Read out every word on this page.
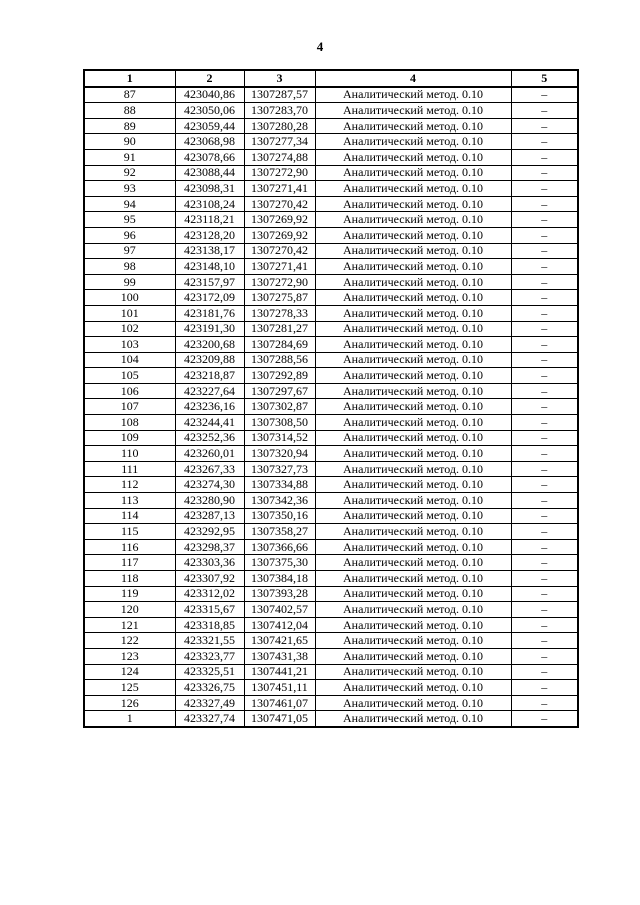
4
1	2	3	4	5
87	423040,86	1307287,57	Аналитический метод. 0.10	–
88	423050,06	1307283,70	Аналитический метод. 0.10	–
89	423059,44	1307280,28	Аналитический метод. 0.10	–
90	423068,98	1307277,34	Аналитический метод. 0.10	–
91	423078,66	1307274,88	Аналитический метод. 0.10	–
92	423088,44	1307272,90	Аналитический метод. 0.10	–
93	423098,31	1307271,41	Аналитический метод. 0.10	–
94	423108,24	1307270,42	Аналитический метод. 0.10	–
95	423118,21	1307269,92	Аналитический метод. 0.10	–
96	423128,20	1307269,92	Аналитический метод. 0.10	–
97	423138,17	1307270,42	Аналитический метод. 0.10	–
98	423148,10	1307271,41	Аналитический метод. 0.10	–
99	423157,97	1307272,90	Аналитический метод. 0.10	–
100	423172,09	1307275,87	Аналитический метод. 0.10	–
101	423181,76	1307278,33	Аналитический метод. 0.10	–
102	423191,30	1307281,27	Аналитический метод. 0.10	–
103	423200,68	1307284,69	Аналитический метод. 0.10	–
104	423209,88	1307288,56	Аналитический метод. 0.10	–
105	423218,87	1307292,89	Аналитический метод. 0.10	–
106	423227,64	1307297,67	Аналитический метод. 0.10	–
107	423236,16	1307302,87	Аналитический метод. 0.10	–
108	423244,41	1307308,50	Аналитический метод. 0.10	–
109	423252,36	1307314,52	Аналитический метод. 0.10	–
110	423260,01	1307320,94	Аналитический метод. 0.10	–
111	423267,33	1307327,73	Аналитический метод. 0.10	–
112	423274,30	1307334,88	Аналитический метод. 0.10	–
113	423280,90	1307342,36	Аналитический метод. 0.10	–
114	423287,13	1307350,16	Аналитический метод. 0.10	–
115	423292,95	1307358,27	Аналитический метод. 0.10	–
116	423298,37	1307366,66	Аналитический метод. 0.10	–
117	423303,36	1307375,30	Аналитический метод. 0.10	–
118	423307,92	1307384,18	Аналитический метод. 0.10	–
119	423312,02	1307393,28	Аналитический метод. 0.10	–
120	423315,67	1307402,57	Аналитический метод. 0.10	–
121	423318,85	1307412,04	Аналитический метод. 0.10	–
122	423321,55	1307421,65	Аналитический метод. 0.10	–
123	423323,77	1307431,38	Аналитический метод. 0.10	–
124	423325,51	1307441,21	Аналитический метод. 0.10	–
125	423326,75	1307451,11	Аналитический метод. 0.10	–
126	423327,49	1307461,07	Аналитический метод. 0.10	–
1	423327,74	1307471,05	Аналитический метод. 0.10	–
